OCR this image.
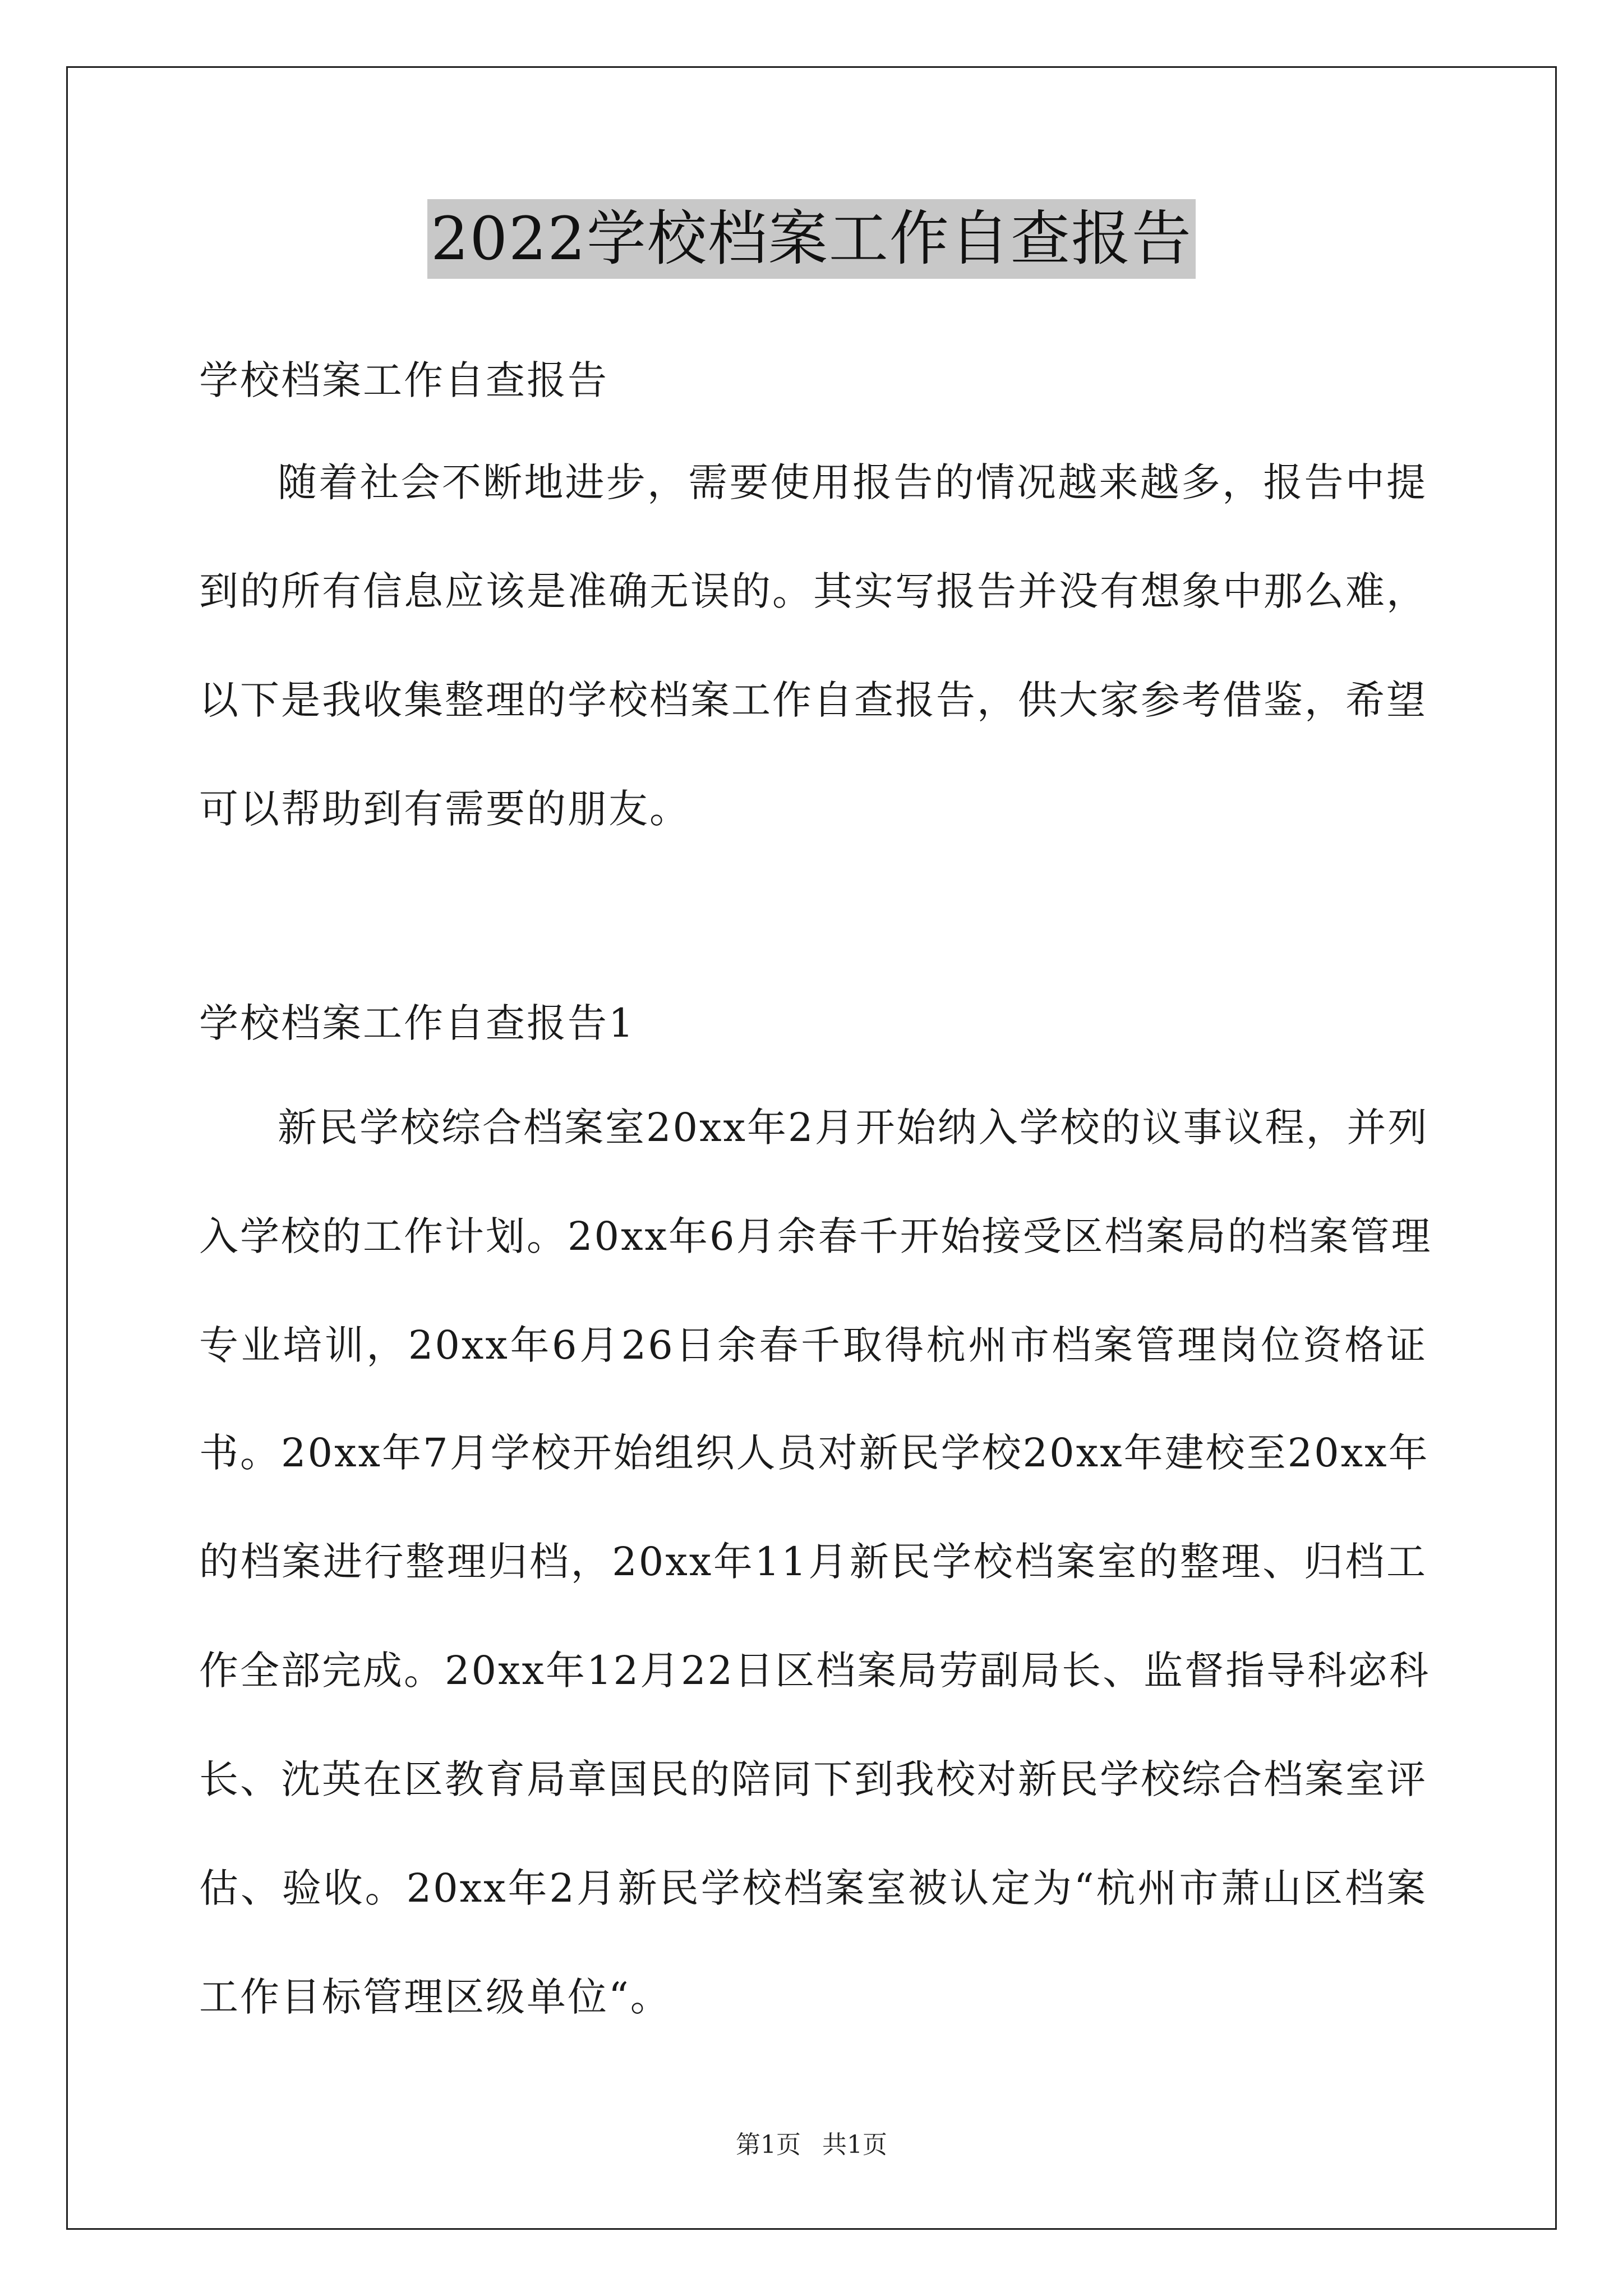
2022学校档案工作自查报告
学校档案工作自查报告
随着社会不断地进步，需要使用报告的情况越来越多，报告中提
到的所有信息应该是准确无误的。其实写报告并没有想象中那么难，
以下是我收集整理的学校档案工作自查报告，供大家参考借鉴，希望
可以帮助到有需要的朋友。
学校档案工作自查报告1
新民学校综合档案室20xx年2月开始纳入学校的议事议程，并列
入学校的工作计划。20xx年6月余春千开始接受区档案局的档案管理
专业培训，20xx年6月26日余春千取得杭州市档案管理岗位资格证
书。20xx年7月学校开始组织人员对新民学校20xx年建校至20xx年
的档案进行整理归档，20xx年11月新民学校档案室的整理、归档工
作全部完成。20xx年12月22日区档案局劳副局长、监督指导科宓科
长、沈英在区教育局章国民的陪同下到我校对新民学校综合档案室评
估、验收。20xx年2月新民学校档案室被认定为“杭州市萧山区档案
工作目标管理区级单位“。
第1页 共1页
